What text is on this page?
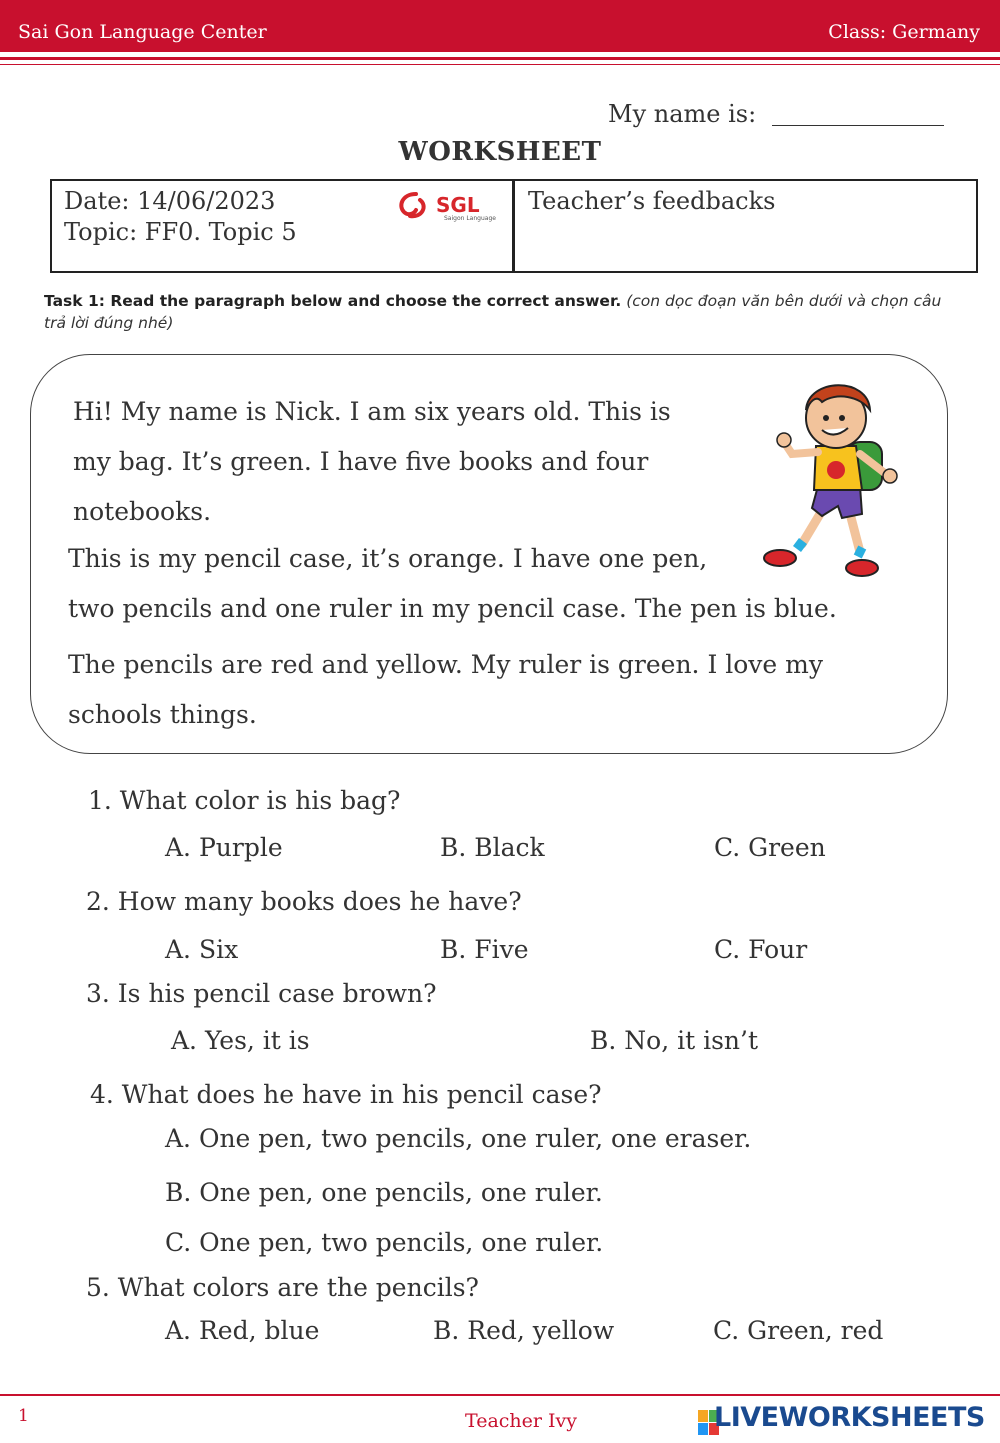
Sai Gon Language Center	Class: Germany
My name is:
WORKSHEET
Date: 14/06/2023
Topic: FF0. Topic 5
Teacher’s feedbacks
SGL
Saigon Language
Task 1: Read the paragraph below and choose the correct answer. (con dọc đoạn văn bên dưới và chọn câu trả lời đúng nhé)
Hi! My name is Nick. I am six years old. This is
my bag. It’s green. I have five books and four
notebooks.
This is my pencil case, it’s orange. I have one pen,
two pencils and one ruler in my pencil case. The pen is blue.
The pencils are red and yellow. My ruler is green. I love my
schools things.
1. What color is his bag?
A. Purple	B. Black	C. Green
2. How many books does he have?
A. Six	B. Five	C. Four
3. Is his pencil case brown?
A. Yes, it is	B. No, it isn’t
4. What does he have in his pencil case?
A. One pen, two pencils, one ruler, one eraser.
B. One pen, one pencils, one ruler.
C. One pen, two pencils, one ruler.
5. What colors are the pencils?
A. Red, blue	B. Red, yellow	C. Green, red
1	Teacher Ivy	LIVEWORKSHEETS
